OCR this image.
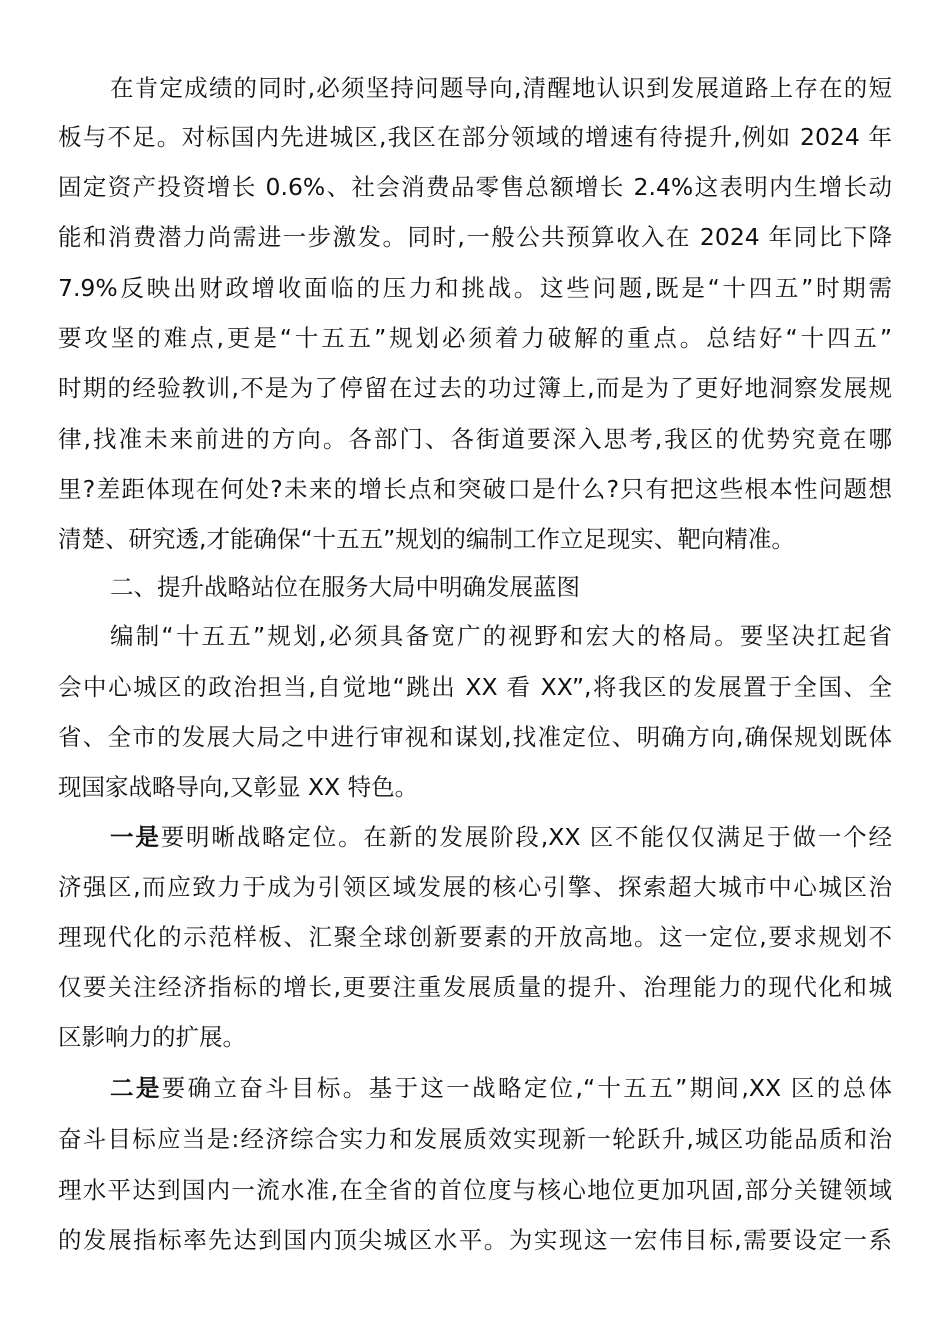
在肯定成绩的同时,必须坚持问题导向,清醒地认识到发展道路上存在的短
板与不足。对标国内先进城区,我区在部分领域的增速有待提升,例如 2024 年
固定资产投资增长 0.6%、社会消费品零售总额增长 2.4%这表明内生增长动
能和消费潜力尚需进一步激发。同时,一般公共预算收入在 2024 年同比下降
7.9%反映出财政增收面临的压力和挑战。这些问题,既是“十四五”时期需
要攻坚的难点,更是“十五五”规划必须着力破解的重点。总结好“十四五”
时期的经验教训,不是为了停留在过去的功过簿上,而是为了更好地洞察发展规
律,找准未来前进的方向。各部门、各街道要深入思考,我区的优势究竟在哪
里?差距体现在何处?未来的增长点和突破口是什么?只有把这些根本性问题想
清楚、研究透,才能确保“十五五”规划的编制工作立足现实、靶向精准。
二、提升战略站位在服务大局中明确发展蓝图
编制“十五五”规划,必须具备宽广的视野和宏大的格局。要坚决扛起省
会中心城区的政治担当,自觉地“跳出 XX 看 XX”,将我区的发展置于全国、全
省、全市的发展大局之中进行审视和谋划,找准定位、明确方向,确保规划既体
现国家战略导向,又彰显 XX 特色。
一是要明晰战略定位。在新的发展阶段,XX 区不能仅仅满足于做一个经
济强区,而应致力于成为引领区域发展的核心引擎、探索超大城市中心城区治
理现代化的示范样板、汇聚全球创新要素的开放高地。这一定位,要求规划不
仅要关注经济指标的增长,更要注重发展质量的提升、治理能力的现代化和城
区影响力的扩展。
二是要确立奋斗目标。基于这一战略定位,“十五五”期间,XX 区的总体
奋斗目标应当是:经济综合实力和发展质效实现新一轮跃升,城区功能品质和治
理水平达到国内一流水准,在全省的首位度与核心地位更加巩固,部分关键领域
的发展指标率先达到国内顶尖城区水平。为实现这一宏伟目标,需要设定一系
